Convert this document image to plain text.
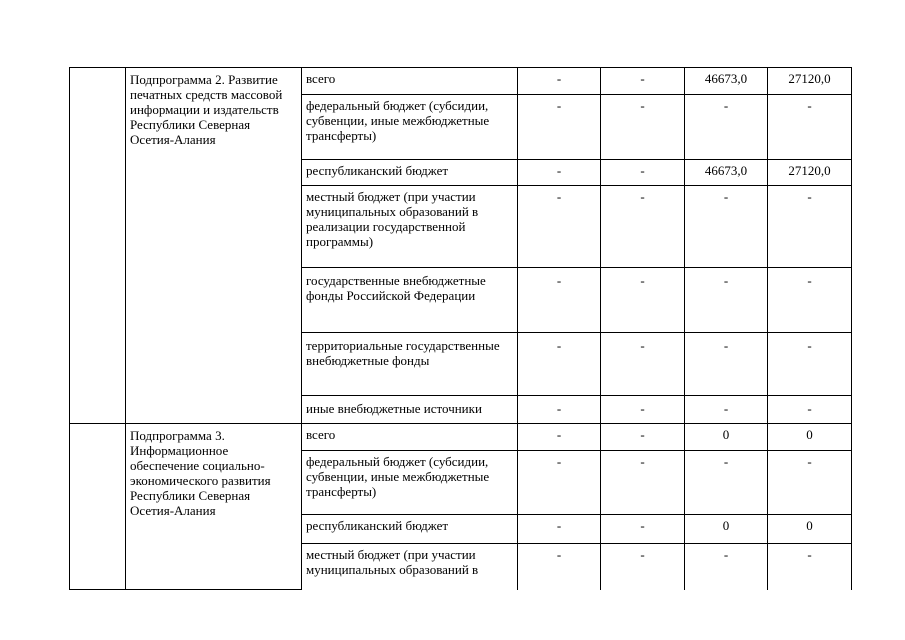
	Подпрограмма 2. Развитие печатных средств массовой информации и издательств Республики Северная Осетия-Алания	всего	-	-	46673,0	27120,0
		федеральный бюджет (субсидии, субвенции, иные межбюджетные трансферты)	-	-	-	-
		республиканский бюджет	-	-	46673,0	27120,0
		местный бюджет (при участии муниципальных образований в реализации государственной программы)	-	-	-	-
		государственные внебюджетные фонды Российской Федерации	-	-	-	-
		территориальные государственные внебюджетные фонды	-	-	-	-
		иные внебюджетные источники	-	-	-	-
	Подпрограмма 3. Информационное обеспечение социально-экономического развития Республики Северная Осетия-Алания	всего	-	-	0	0
		федеральный бюджет (субсидии, субвенции, иные межбюджетные трансферты)	-	-	-	-
		республиканский бюджет	-	-	0	0
		местный бюджет (при участии муниципальных образований в	-	-	-	-
